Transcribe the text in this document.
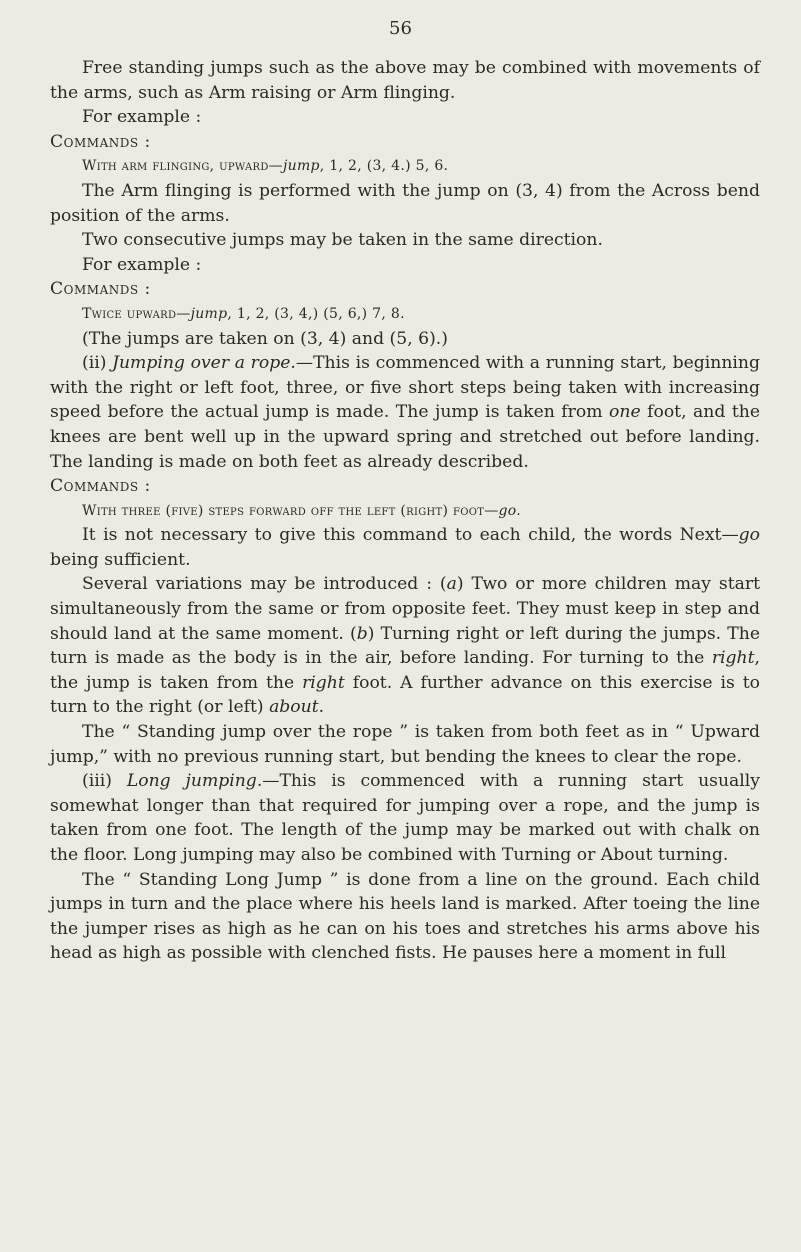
56

Free standing jumps such as the above may be combined with movements of the arms, such as Arm raising or Arm flinging.

For example :

Commands :

With arm flinging, upward—jump, 1, 2, (3, 4.) 5, 6.

The Arm flinging is performed with the jump on (3, 4) from the Across bend position of the arms.

Two consecutive jumps may be taken in the same direction.

For example :

Commands :

Twice upward—jump, 1, 2, (3, 4,) (5, 6,) 7, 8.

(The jumps are taken on (3, 4) and (5, 6).)

(ii) Jumping over a rope.—This is commenced with a running start, beginning with the right or left foot, three, or five short steps being taken with increasing speed before the actual jump is made. The jump is taken from one foot, and the knees are bent well up in the upward spring and stretched out before landing. The landing is made on both feet as already described.

Commands :

With three (five) steps forward off the left (right) foot—go.

It is not necessary to give this command to each child, the words Next—go being sufficient.

Several variations may be introduced : (a) Two or more children may start simultaneously from the same or from opposite feet. They must keep in step and should land at the same moment. (b) Turning right or left during the jumps. The turn is made as the body is in the air, before landing. For turning to the right, the jump is taken from the right foot. A further advance on this exercise is to turn to the right (or left) about.

The “ Standing jump over the rope ” is taken from both feet as in “ Upward jump,” with no previous running start, but bending the knees to clear the rope.

(iii) Long jumping.—This is commenced with a running start usually somewhat longer than that required for jumping over a rope, and the jump is taken from one foot. The length of the jump may be marked out with chalk on the floor. Long jumping may also be combined with Turning or About turning.

The “ Standing Long Jump ” is done from a line on the ground. Each child jumps in turn and the place where his heels land is marked. After toeing the line the jumper rises as high as he can on his toes and stretches his arms above his head as high as possible with clenched fists. He pauses here a moment in full
